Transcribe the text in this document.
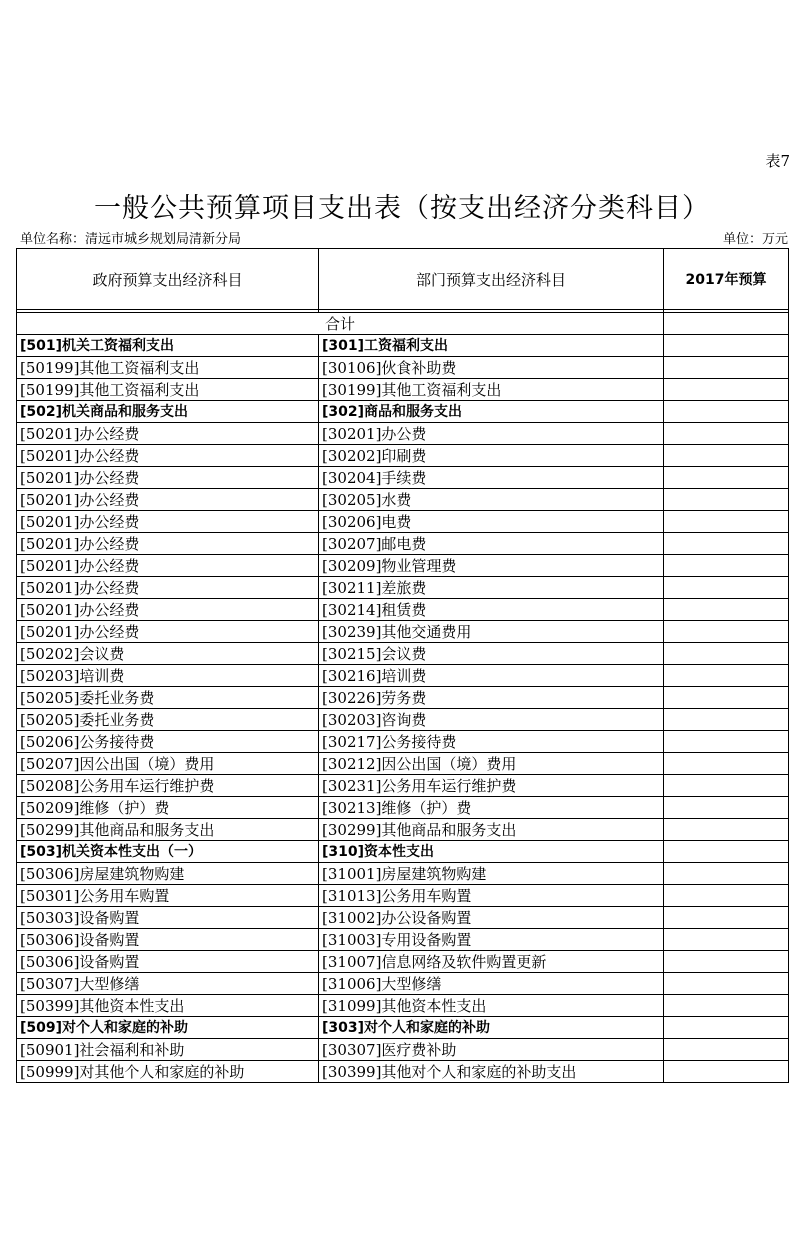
表7
一般公共预算项目支出表（按支出经济分类科目）
单位名称：清远市城乡规划局清新分局	单位：万元
政府预算支出经济科目	部门预算支出经济科目	2017年预算

合计		
[501]机关工资福利支出	[301]工资福利支出	
[50199]其他工资福利支出	[30106]伙食补助费	
[50199]其他工资福利支出	[30199]其他工资福利支出	
[502]机关商品和服务支出	[302]商品和服务支出	
[50201]办公经费	[30201]办公费	
[50201]办公经费	[30202]印刷费	
[50201]办公经费	[30204]手续费	
[50201]办公经费	[30205]水费	
[50201]办公经费	[30206]电费	
[50201]办公经费	[30207]邮电费	
[50201]办公经费	[30209]物业管理费	
[50201]办公经费	[30211]差旅费	
[50201]办公经费	[30214]租赁费	
[50201]办公经费	[30239]其他交通费用	
[50202]会议费	[30215]会议费	
[50203]培训费	[30216]培训费	
[50205]委托业务费	[30226]劳务费	
[50205]委托业务费	[30203]咨询费	
[50206]公务接待费	[30217]公务接待费	
[50207]因公出国（境）费用	[30212]因公出国（境）费用	
[50208]公务用车运行维护费	[30231]公务用车运行维护费	
[50209]维修（护）费	[30213]维修（护）费	
[50299]其他商品和服务支出	[30299]其他商品和服务支出	
[503]机关资本性支出（一）	[310]资本性支出	
[50306]房屋建筑物购建	[31001]房屋建筑物购建	
[50301]公务用车购置	[31013]公务用车购置	
[50303]设备购置	[31002]办公设备购置	
[50306]设备购置	[31003]专用设备购置	
[50306]设备购置	[31007]信息网络及软件购置更新	
[50307]大型修缮	[31006]大型修缮	
[50399]其他资本性支出	[31099]其他资本性支出	
[509]对个人和家庭的补助	[303]对个人和家庭的补助	
[50901]社会福利和补助	[30307]医疗费补助	
[50999]对其他个人和家庭的补助	[30399]其他对个人和家庭的补助支出	
